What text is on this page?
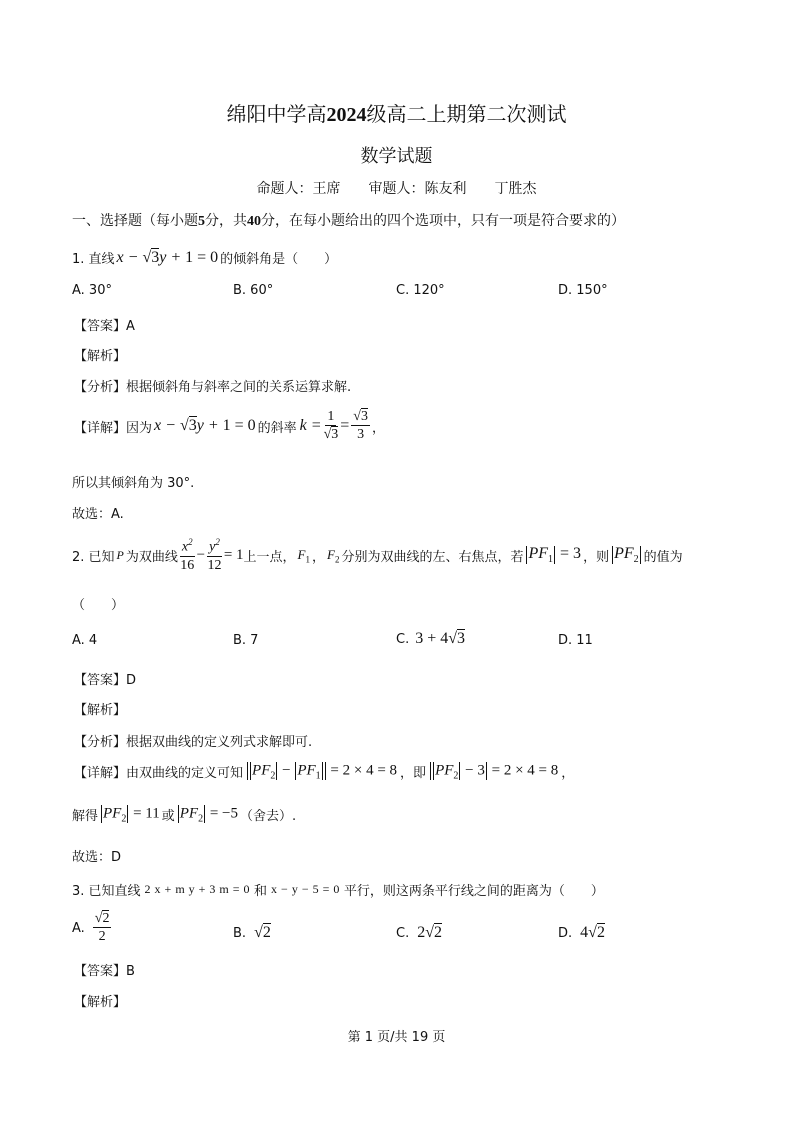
绵阳中学高2024级高二上期第二次测试
数学试题
命题人：王席　　审题人：陈友利　　丁胜杰
一、选择题（每小题5分，共40分，在每小题给出的四个选项中，只有一项是符合要求的）
1. 直线 x − √3y + 1 = 0 的倾斜角是（　　）
A. 30°	B. 60°	C. 120°	D. 150°
【答案】A
【解析】
【分析】根据倾斜角与斜率之间的关系运算求解.
【详解】 因为 x − √3y + 1 = 0 的斜率 $k = \frac{1}{√3} = \frac{√3}{3}$ ，
所以其倾斜角为 30°.
故选：A.
2. 已知 P 为双曲线 $\frac{x^2}{16} - \frac{y^2}{12} = 1$ 上一点， $F_1$ ， $F_2$ 分别为双曲线的左、右焦点，若 $PF_1 = 3$ ，则 $PF_2$ 的值为
（　　）
A. 4	B. 7	C. 3 + 4√3	D. 11
【答案】D
【解析】
【分析】根据双曲线的定义列式求解即可.
【详解】 由双曲线的定义可知 $PF_2 - PF_1 = 2 \times 4 = 8$ ，即 $PF_2 - 3 = 2 \times 4 = 8$ ，
解得 $PF_2 = 11$ 或 $PF_2 = -5$ （舍去）.
故选：D
3. 已知直线 2 x + m y + 3 m = 0 和 x − y − 5 = 0 平行，则这两条平行线之间的距离为（　　）
A. $\frac{√2}{2}$	B. √2	C. 2√2	D. 4√2
【答案】B
【解析】
第 1 页/共 19 页
